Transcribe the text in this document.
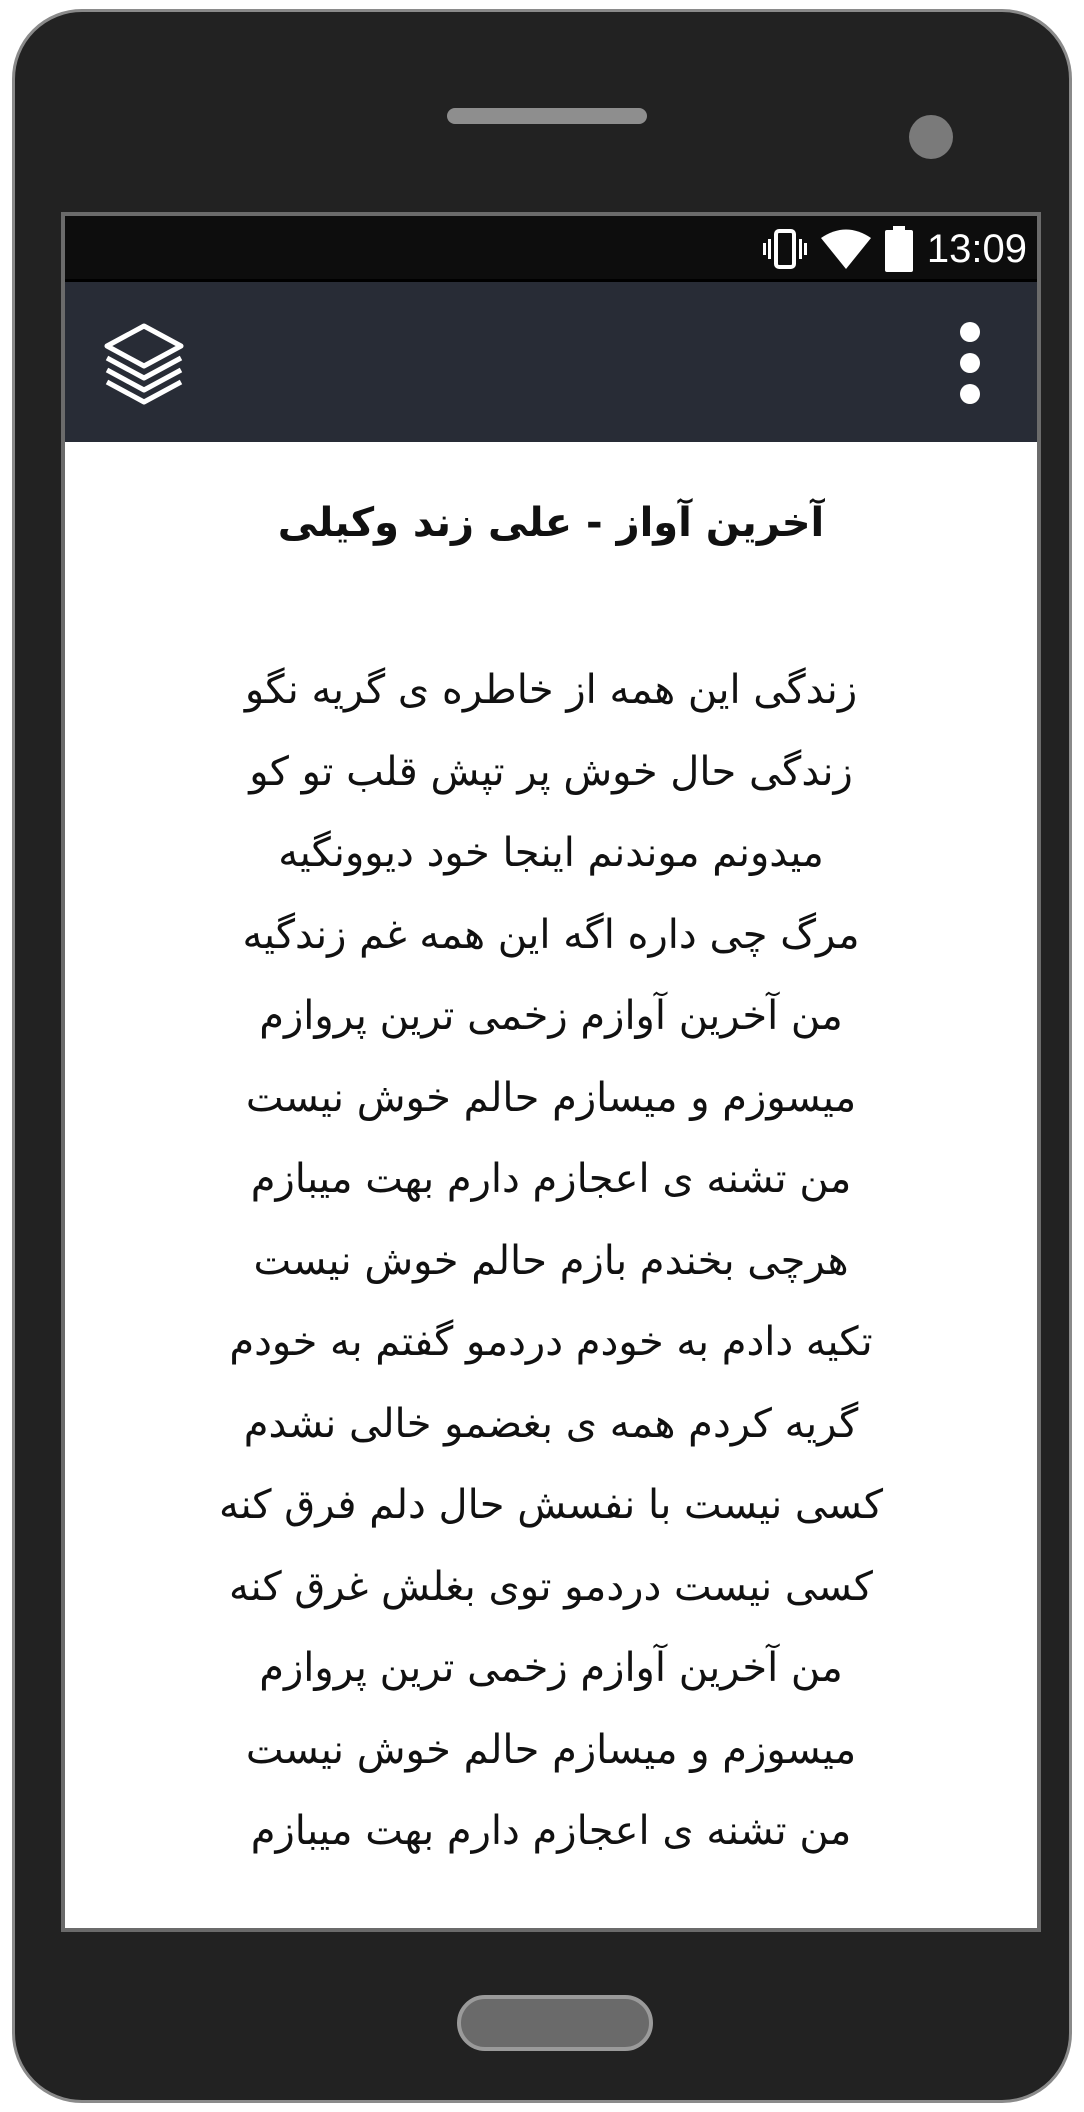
13:09
آخرین آواز - علی زند وکیلی
زندگی این همه از خاطره ی گریه نگو
زندگی حال خوش پر تپش قلب تو کو
میدونم موندنم اینجا خود دیوونگیه
مرگ چی داره اگه این همه غم زندگیه
من آخرین آوازم زخمی ترین پروازم
میسوزم و میسازم حالم خوش نیست
من تشنه ی اعجازم دارم بهت میبازم
هرچی بخندم بازم حالم خوش نیست
تکیه دادم به خودم دردمو گفتم به خودم
گریه کردم همه ی بغضمو خالی نشدم
کسی نیست با نفسش حال دلم فرق کنه
کسی نیست دردمو توی بغلش غرق کنه
من آخرین آوازم زخمی ترین پروازم
میسوزم و میسازم حالم خوش نیست
من تشنه ی اعجازم دارم بهت میبازم
